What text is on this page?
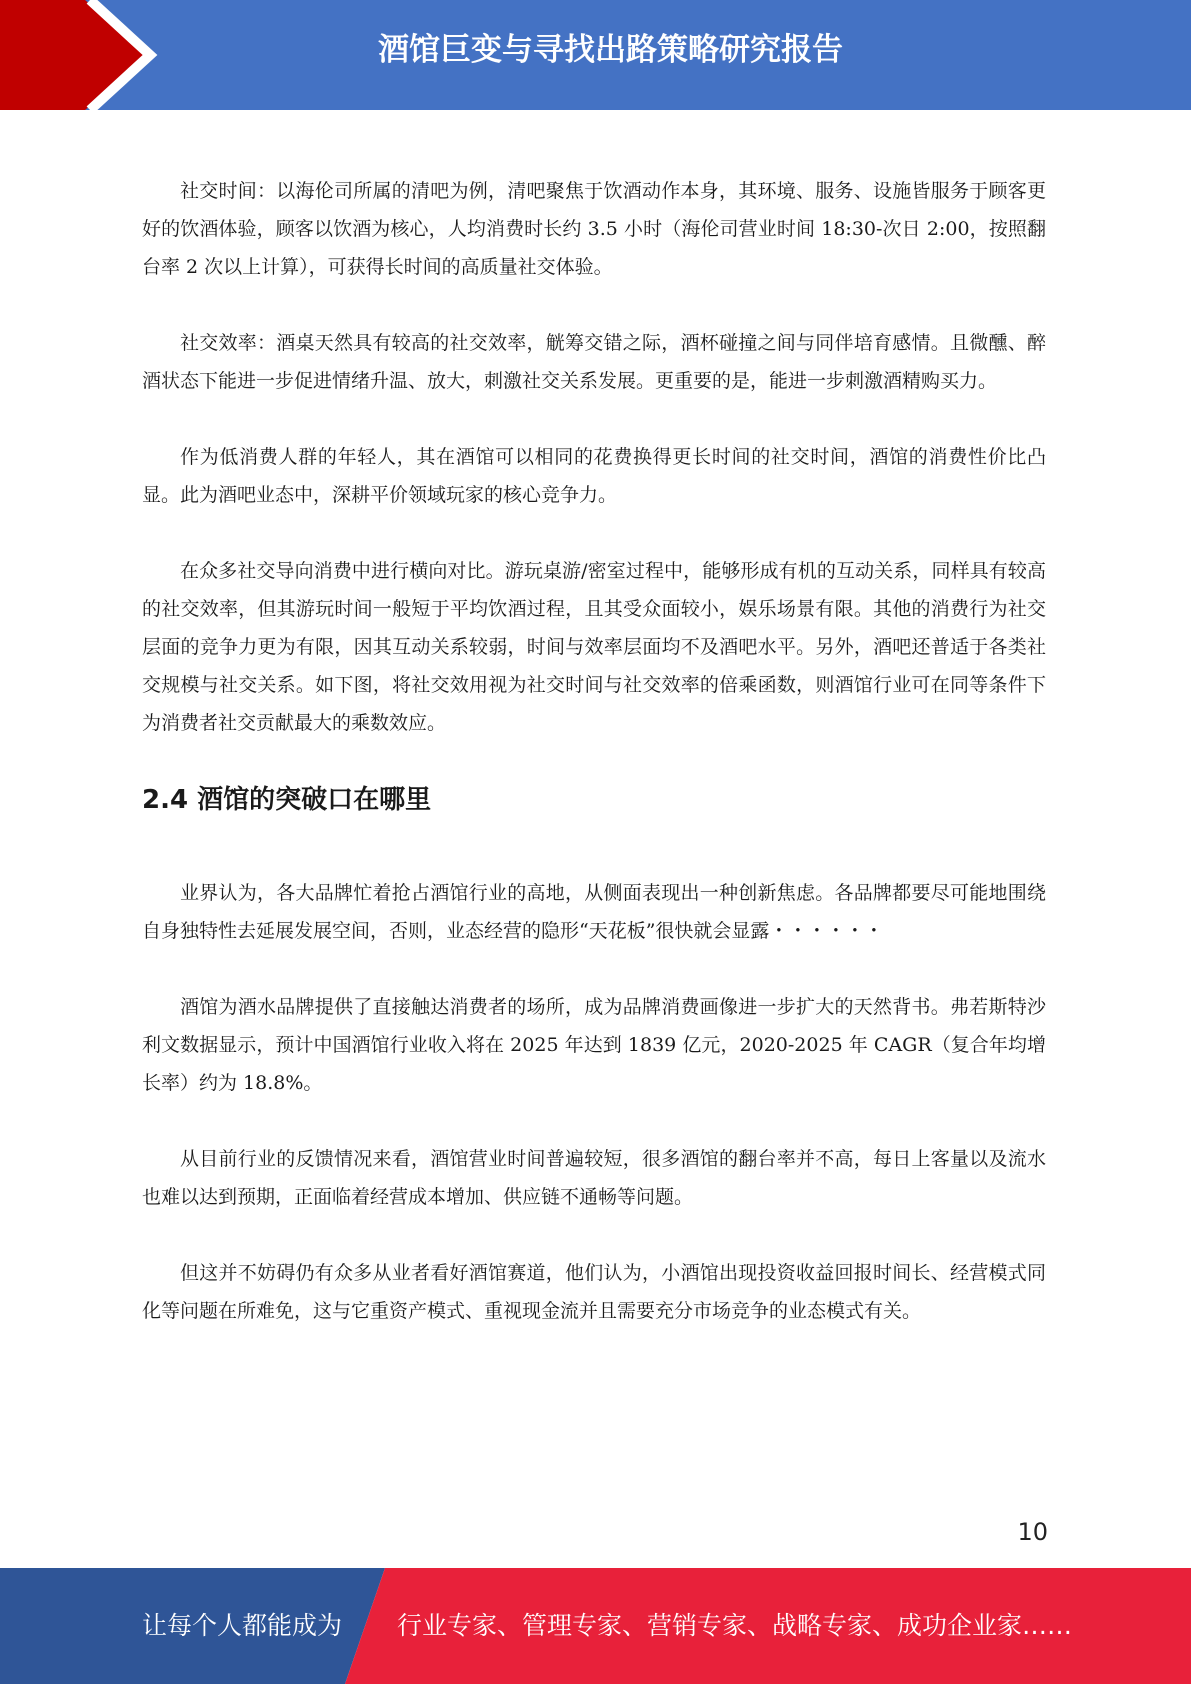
酒馆巨变与寻找出路策略研究报告

社交时间：以海伦司所属的清吧为例，清吧聚焦于饮酒动作本身，其环境、服务、设施皆服务于顾客更好的饮酒体验，顾客以饮酒为核心，人均消费时长约 3.5 小时（海伦司营业时间 18:30-次日 2:00，按照翻台率 2 次以上计算），可获得长时间的高质量社交体验。

社交效率：酒桌天然具有较高的社交效率，觥筹交错之际，酒杯碰撞之间与同伴培育感情。且微醺、醉酒状态下能进一步促进情绪升温、放大，刺激社交关系发展。更重要的是，能进一步刺激酒精购买力。

作为低消费人群的年轻人，其在酒馆可以相同的花费换得更长时间的社交时间，酒馆的消费性价比凸显。此为酒吧业态中，深耕平价领域玩家的核心竞争力。

在众多社交导向消费中进行横向对比。游玩桌游/密室过程中，能够形成有机的互动关系，同样具有较高的社交效率，但其游玩时间一般短于平均饮酒过程，且其受众面较小，娱乐场景有限。其他的消费行为社交层面的竞争力更为有限，因其互动关系较弱，时间与效率层面均不及酒吧水平。另外，酒吧还普适于各类社交规模与社交关系。如下图，将社交效用视为社交时间与社交效率的倍乘函数，则酒馆行业可在同等条件下为消费者社交贡献最大的乘数效应。

2.4 酒馆的突破口在哪里

业界认为，各大品牌忙着抢占酒馆行业的高地，从侧面表现出一种创新焦虑。各品牌都要尽可能地围绕自身独特性去延展发展空间，否则，业态经营的隐形“天花板”很快就会显露・・・・・・

酒馆为酒水品牌提供了直接触达消费者的场所，成为品牌消费画像进一步扩大的天然背书。弗若斯特沙利文数据显示，预计中国酒馆行业收入将在 2025 年达到 1839 亿元，2020-2025 年 CAGR（复合年均增长率）约为 18.8%。

从目前行业的反馈情况来看，酒馆营业时间普遍较短，很多酒馆的翻台率并不高，每日上客量以及流水也难以达到预期，正面临着经营成本增加、供应链不通畅等问题。

但这并不妨碍仍有众多从业者看好酒馆赛道，他们认为，小酒馆出现投资收益回报时间长、经营模式同化等问题在所难免，这与它重资产模式、重视现金流并且需要充分市场竞争的业态模式有关。

10
让每个人都能成为 行业专家、管理专家、营销专家、战略专家、成功企业家……
